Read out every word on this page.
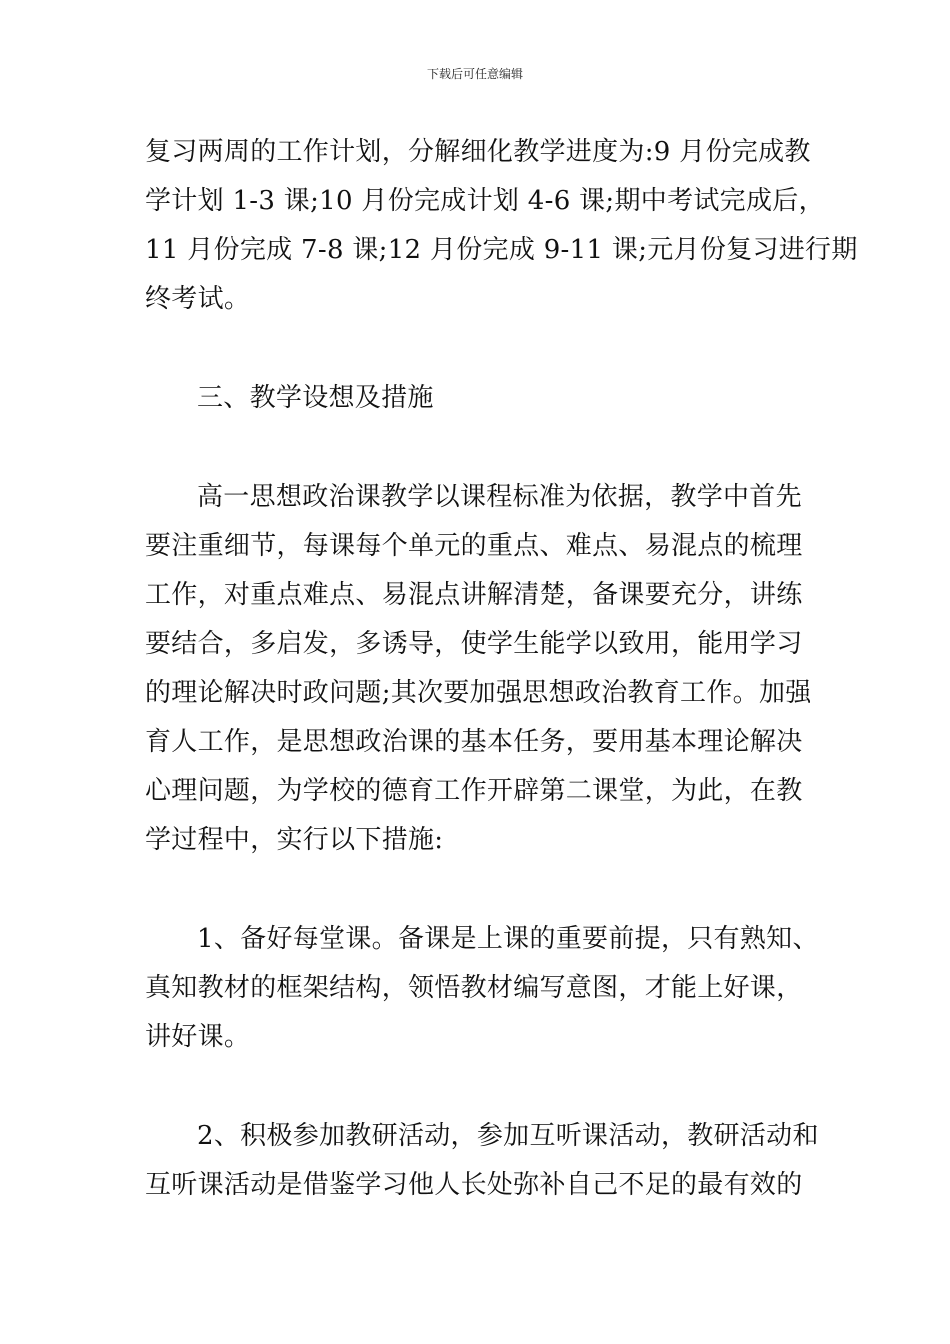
下载后可任意编辑

复习两周的工作计划，分解细化教学进度为:9 月份完成教
学计划 1-3 课;10 月份完成计划 4-6 课;期中考试完成后，
11 月份完成 7-8 课;12 月份完成 9-11 课;元月份复习进行期
终考试。

三、教学设想及措施

高一思想政治课教学以课程标准为依据，教学中首先
要注重细节，每课每个单元的重点、难点、易混点的梳理
工作，对重点难点、易混点讲解清楚，备课要充分，讲练
要结合，多启发，多诱导，使学生能学以致用，能用学习
的理论解决时政问题;其次要加强思想政治教育工作。加强
育人工作，是思想政治课的基本任务，要用基本理论解决
心理问题，为学校的德育工作开辟第二课堂，为此，在教
学过程中，实行以下措施:

1、备好每堂课。备课是上课的重要前提，只有熟知、
真知教材的框架结构，领悟教材编写意图，才能上好课，
讲好课。

2、积极参加教研活动，参加互听课活动，教研活动和
互听课活动是借鉴学习他人长处弥补自己不足的最有效的
